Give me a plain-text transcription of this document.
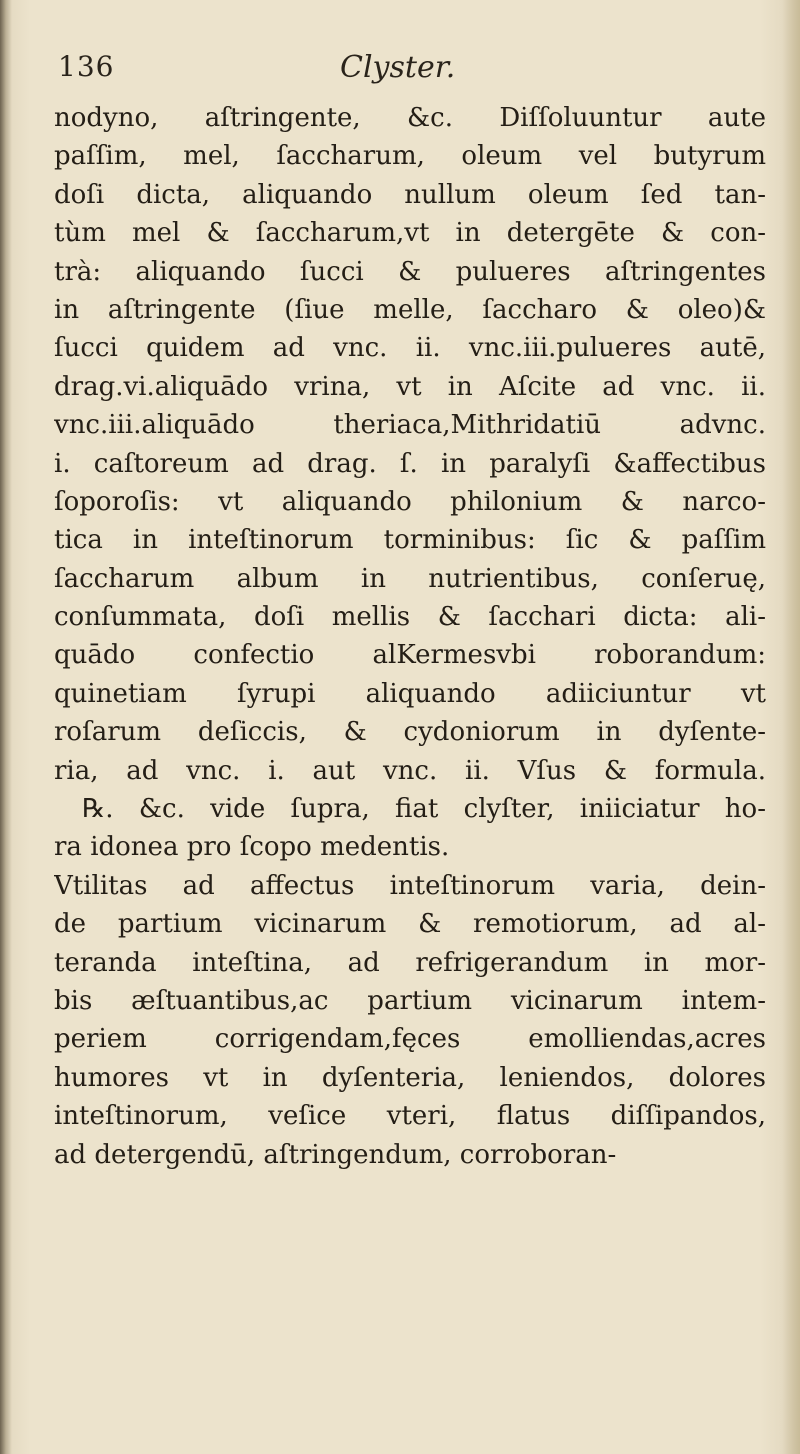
136	Clyster.
nodyno, aſtringente, &c. Diſſoluuntur aute
paſſim, mel, ſaccharum, oleum vel butyrum
doſi dicta, aliquando nullum oleum ſed tan-
tùm mel & ſaccharum,vt in detergēte & con-
trà: aliquando ſucci & pulueres aſtringentes
in aſtringente (ſiue melle, ſaccharo & oleo)&
ſucci quidem ad vnc. ii. vnc.iii.pulueres autē,
drag.vi.aliquādo vrina, vt in Aſcite ad vnc. ii.
vnc.iii.aliquādo theriaca,Mithridatiū advnc.
i. caſtoreum ad drag. ſ. in paralyſi &affectibus
ſoporoſis: vt aliquando philonium & narco-
tica in inteſtinorum torminibus: ſic & paſſim
ſaccharum album in nutrientibus, conſeruę,
conſummata, doſi mellis & ſacchari dicta: ali-
quādo confectio alKermesvbi roborandum:
quinetiam ſyrupi aliquando adiiciuntur vt
roſarum deſiccis, & cydoniorum in dyſente-
ria, ad vnc. i. aut vnc. ii. Vſus & formula.
℞. &c. vide ſupra, fiat clyſter, iniiciatur ho-
ra idonea pro ſcopo medentis.
Vtilitas ad affectus inteſtinorum varia, dein-
de partium vicinarum & remotiorum, ad al-
teranda inteſtina, ad refrigerandum in mor-
bis æſtuantibus,ac partium vicinarum intem-
periem corrigendam,fęces emolliendas,acres
humores vt in dyſenteria, leniendos, dolores
inteſtinorum, veſice vteri, flatus diſſipandos,
ad detergendū, aſtringendum, corroboran-
